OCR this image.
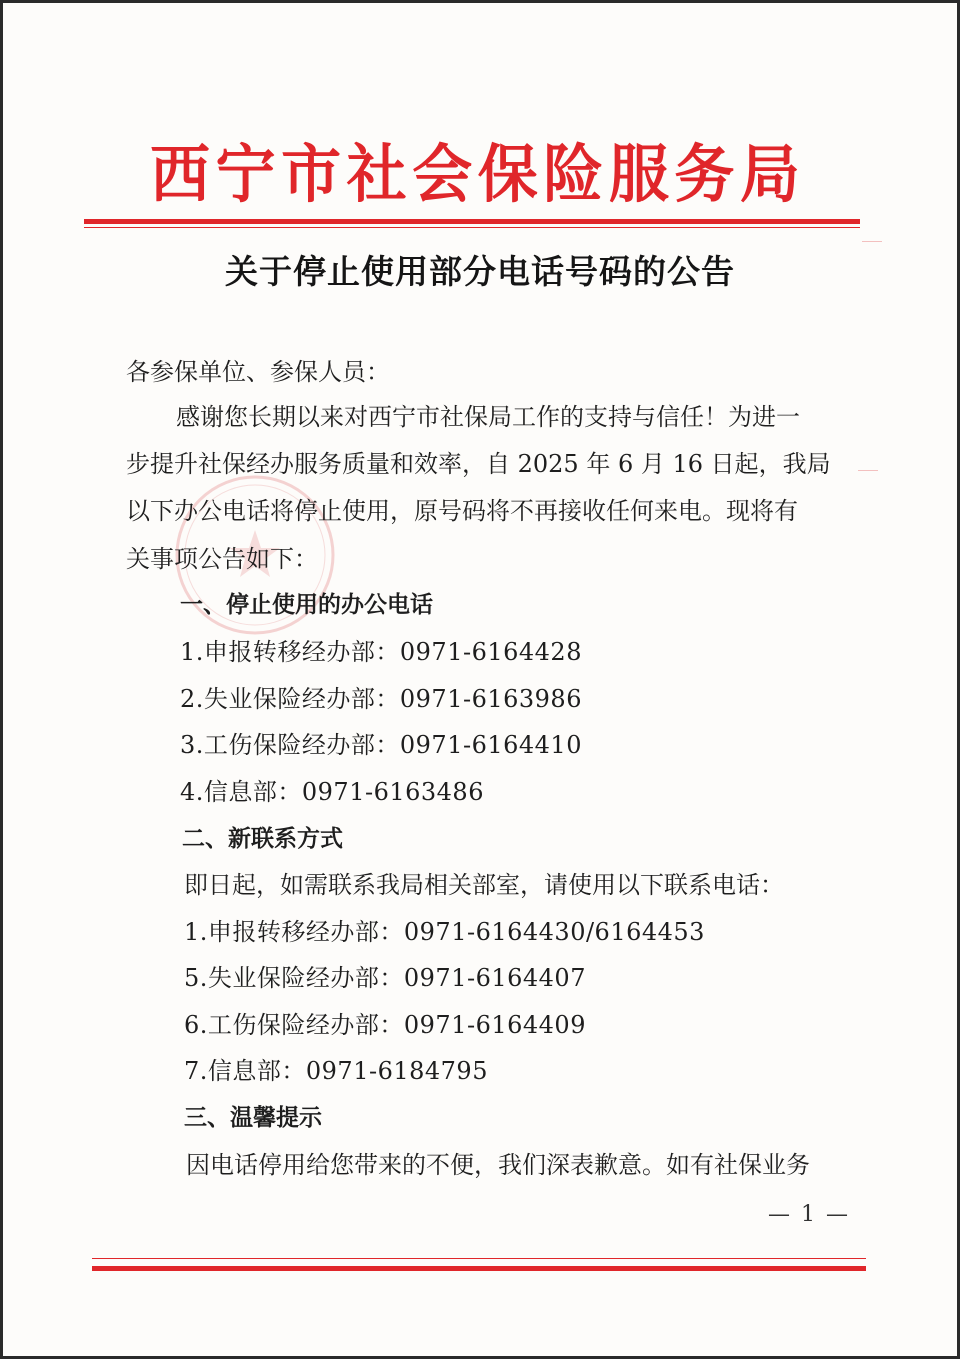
西 宁 市 社 会 保 险 服 务 局
关于停止使用部分电话号码的公告
各参保单位、参保人员：
感谢您长期以来对西宁市社保局工作的支持与信任！为进一
步提升社保经办服务质量和效率，自 2025 年 6 月 16 日起，我局
以下办公电话将停止使用，原号码将不再接收任何来电。现将有
关事项公告如下：
一、停止使用的办公电话
1.申报转移经办部：0971-6164428
2.失业保险经办部：0971-6163986
3.工伤保险经办部：0971-6164410
4.信息部：0971-6163486
二、新联系方式
即日起，如需联系我局相关部室，请使用以下联系电话：
1.申报转移经办部：0971-6164430/6164453
5.失业保险经办部：0971-6164407
6.工伤保险经办部：0971-6164409
7.信息部：0971-6184795
三、温馨提示
因电话停用给您带来的不便，我们深表歉意。如有社保业务
— 1 —
